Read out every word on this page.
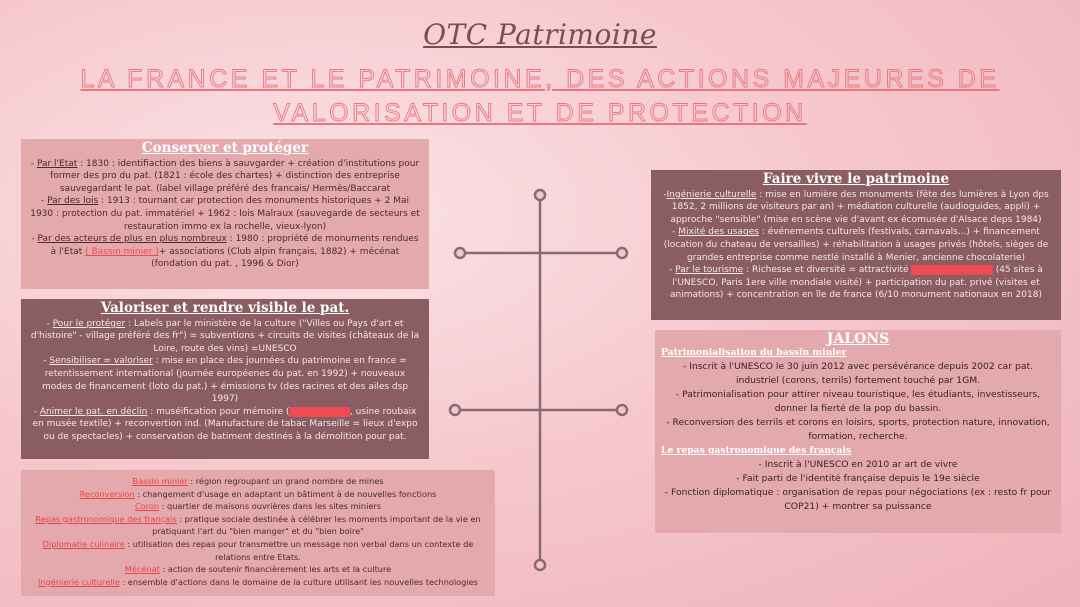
OTC Patrimoine
LA FRANCE ET LE PATRIMOINE, DES ACTIONS MAJEURES DE VALORISATION ET DE PROTECTION
Conserver et protéger

- Par l'Etat : 1830 : identifiaction des biens à sauvgarder + création d'institutions pour former des pro du pat. (1821 : école des chartes) + distinction des entreprise sauvegardant le pat. (label village préféré des francais/ Hermès/Baccarat

- Par des lois : 1913 : tournant car protection des monuments historiques + 2 Mai 1930 : protection du pat. immatériel + 1962 : lois Malraux (sauvegarde de secteurs et restauration immo ex la rochelle, vieux-lyon)

- Par des acteurs de plus en plus nombreux : 1980 : propriété de monuments rendues à l'Etat ( Bassin minier )+ associations (Club alpin français, 1882) + mécénat (fondation du pat. , 1996 & Dior)

Valoriser et rendre visible le pat.

- Pour le protéger : Labels par le ministère de la culture ("Villes ou Pays d'art et d'histoire" - village préféré des fr") = subventions + circuits de visites (châteaux de la Loire, route des vins) =UNESCO

- Sensibiliser = valoriser : mise en place des journées du patrimoine en france = retentissement international (journée européenes du pat. en 1992) + nouveaux modes de financement (loto du pat.) + émissions tv (des racines et des ailes dsp 1997)

- Animer le pat. en déclin : muséification pour mémoire (bassin minier, usine roubaix en musée textile) + reconvertion ind. (Manufacture de tabac Marseille = lieux d'expo ou de spectacles) + conservation de batiment destinés à la démolition pour pat.

Bassin minier : région regroupant un grand nombre de mines

Reconversion : changement d'usage en adaptant un bâtiment à de nouvelles fonctions

Coron : quartier de maisons ouvrières dans les sites miniers

Repas gastronomique des français : pratique sociale destinée à célébrer les moments important de la vie en pratiquant l'art du "bien manger" et du "bien boire"

Diplomatie culinaire : utilisation des repas pour transmettre un message non verbal dans un contexte de relations entre Etats.

Mécénat : action de soutenir financièrement les arts et la culture

Ingénierie culturelle : ensemble d'actions dans le domaine de la culture utilisant les nouvelles technologies

Faire vivre le patrimoine

-Ingénierie culturelle : mise en lumière des monuments (fête des lumières à Lyon dps 1852, 2 millions de visiteurs par an) + médiation culturelle (audioguides, appli) + approche "sensible" (mise en scène vie d'avant ex écomusée d'Alsace deps 1984)

- Mixité des usages : événements culturels (festivals, carnavals...) + financement (location du chateau de versailles) + réhabilitation à usages privés (hôtels, sièges de grandes entreprise comme nestlé installé à Menier, ancienne chocolaterie)

- Par le tourisme : Richesse et diversité = attractivité patrimonialisation (45 sites à l'UNESCO, Paris 1ere ville mondiale visité) + participation du pat. privé (visites et animations) + concentration en île de france (6/10 monument nationaux en 2018)

JALONS

Patrimonialisation du bassin minier

- Inscrit à l'UNESCO le 30 juin 2012 avec persévérance depuis 2002 car pat. industriel (corons, terrils) fortement touché par 1GM.

- Patrimonialisation pour attirer niveau touristique, les étudiants, investisseurs, donner la fierté de la pop du bassin.

- Reconversion des terrils et corons en loisirs, sports, protection nature, innovation, formation, recherche.

Le repas gastronomique des français

- Inscrit à l'UNESCO en 2010 ar art de vivre

- Fait parti de l'identité française depuis le 19e siècle

- Fonction diplomatique : organisation de repas pour négociations (ex : resto fr pour COP21) + montrer sa puissance
